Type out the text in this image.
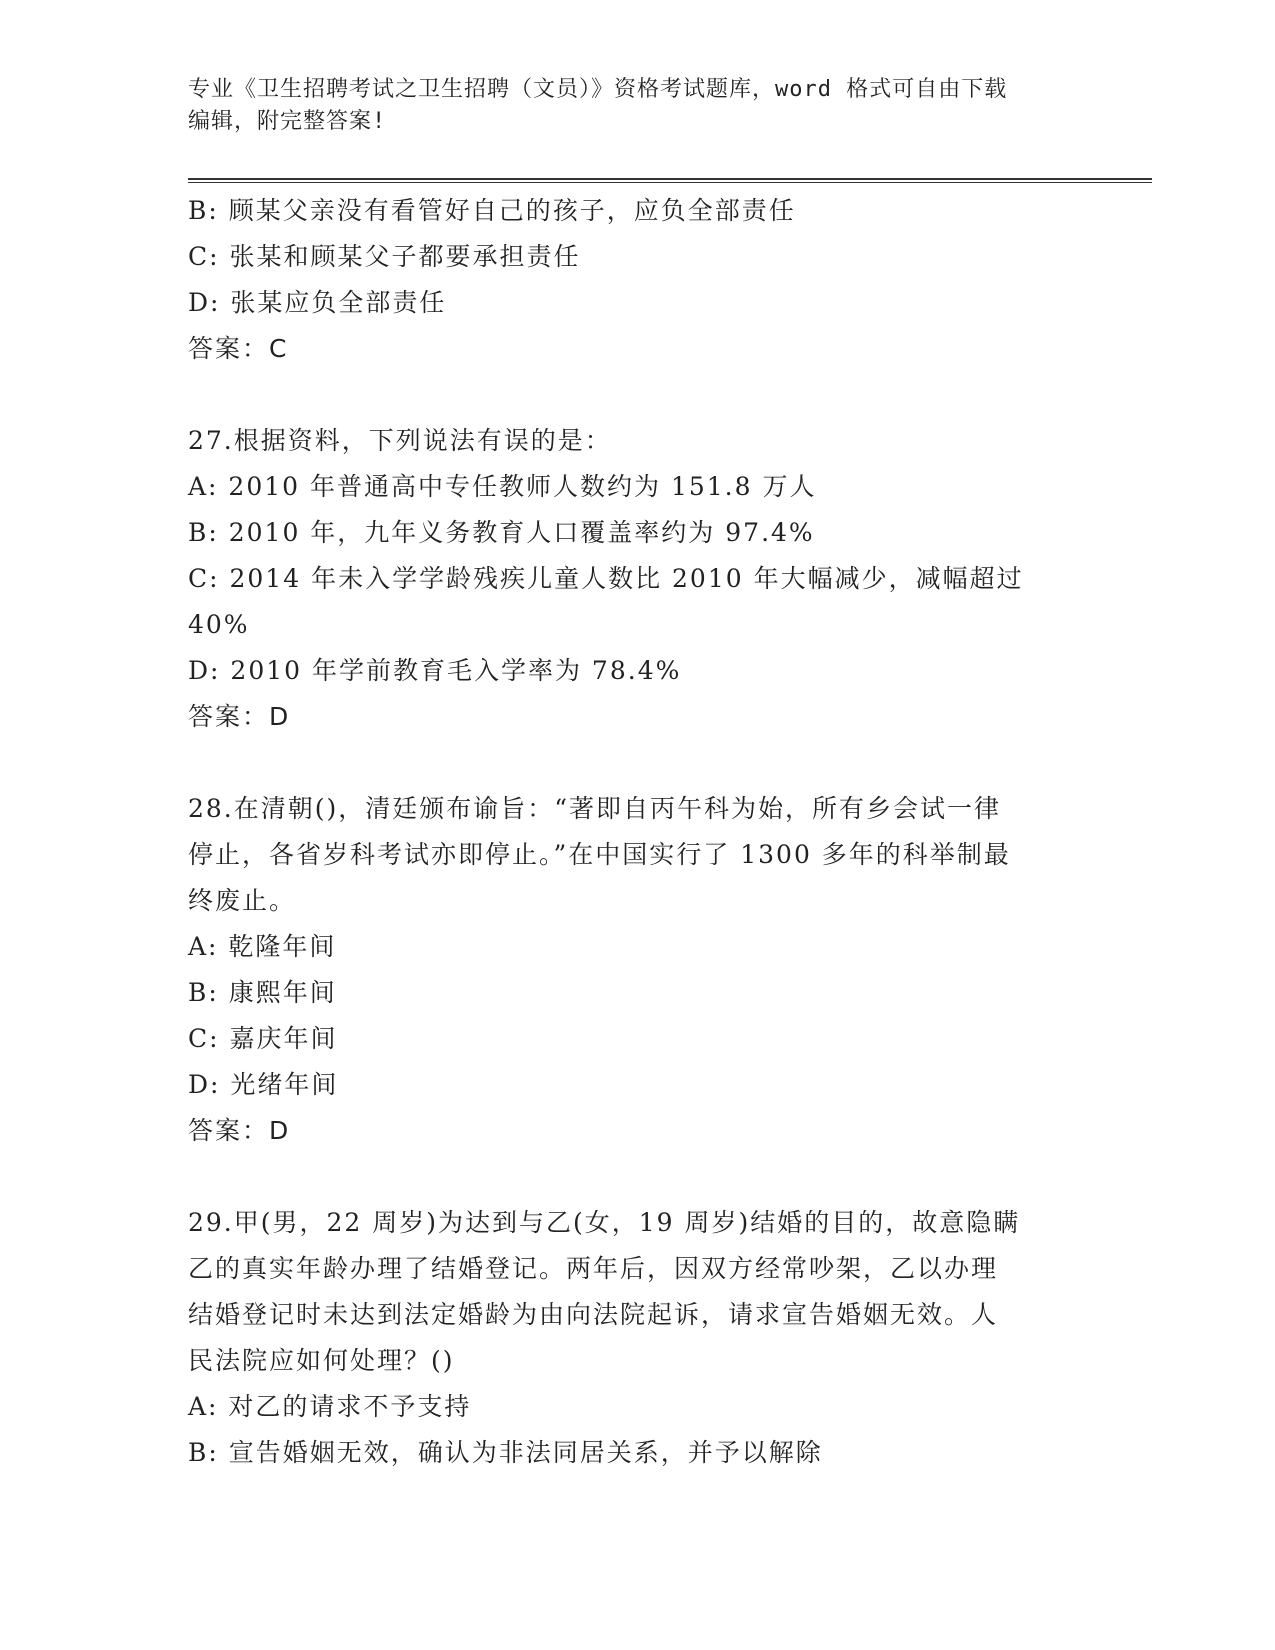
专业《卫生招聘考试之卫生招聘（文员）》资格考试题库，word 格式可自由下载
编辑，附完整答案!
B: 顾某父亲没有看管好自己的孩子，应负全部责任
C: 张某和顾某父子都要承担责任
D: 张某应负全部责任
答案：C
27.根据资料，下列说法有误的是：
A: 2010 年普通高中专任教师人数约为 151.8 万人
B: 2010 年，九年义务教育人口覆盖率约为 97.4%
C: 2014 年未入学学龄残疾儿童人数比 2010 年大幅减少，减幅超过
40%
D: 2010 年学前教育毛入学率为 78.4%
答案：D
28.在清朝()，清廷颁布谕旨：“著即自丙午科为始，所有乡会试一律
停止，各省岁科考试亦即停止。”在中国实行了 1300 多年的科举制最
终废止。
A: 乾隆年间
B: 康熙年间
C: 嘉庆年间
D: 光绪年间
答案：D
29.甲(男，22 周岁)为达到与乙(女，19 周岁)结婚的目的，故意隐瞒
乙的真实年龄办理了结婚登记。两年后，因双方经常吵架，乙以办理
结婚登记时未达到法定婚龄为由向法院起诉，请求宣告婚姻无效。人
民法院应如何处理？()
A: 对乙的请求不予支持
B: 宣告婚姻无效，确认为非法同居关系，并予以解除
